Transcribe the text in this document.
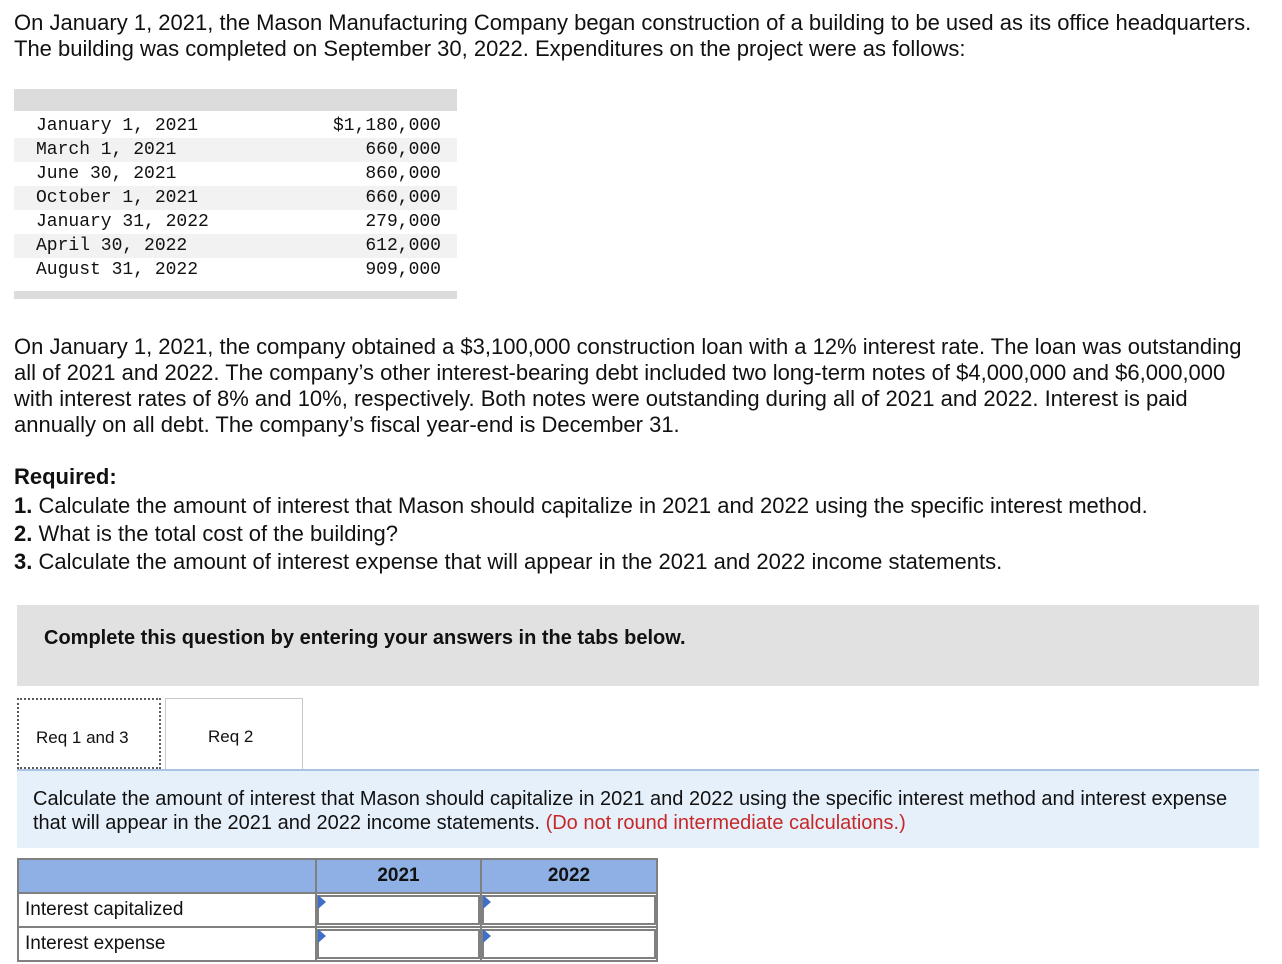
On January 1, 2021, the Mason Manufacturing Company began construction of a building to be used as its office headquarters. The building was completed on September 30, 2022. Expenditures on the project were as follows:

January 1, 2021	$1,180,000
March 1, 2021	660,000
June 30, 2021	860,000
October 1, 2021	660,000
January 31, 2022	279,000
April 30, 2022	612,000
August 31, 2022	909,000

On January 1, 2021, the company obtained a $3,100,000 construction loan with a 12% interest rate. The loan was outstanding all of 2021 and 2022. The company’s other interest-bearing debt included two long-term notes of $4,000,000 and $6,000,000 with interest rates of 8% and 10%, respectively. Both notes were outstanding during all of 2021 and 2022. Interest is paid annually on all debt. The company’s fiscal year-end is December 31.

Required:

1. Calculate the amount of interest that Mason should capitalize in 2021 and 2022 using the specific interest method.
2. What is the total cost of the building?
3. Calculate the amount of interest expense that will appear in the 2021 and 2022 income statements.
Complete this question by entering your answers in the tabs below.
Req 1 and 3	Req 2

Calculate the amount of interest that Mason should capitalize in 2021 and 2022 using the specific interest method and interest expense that will appear in the 2021 and 2022 income statements. (Do not round intermediate calculations.)

	2021	2022
Interest capitalized	

Interest expense	
